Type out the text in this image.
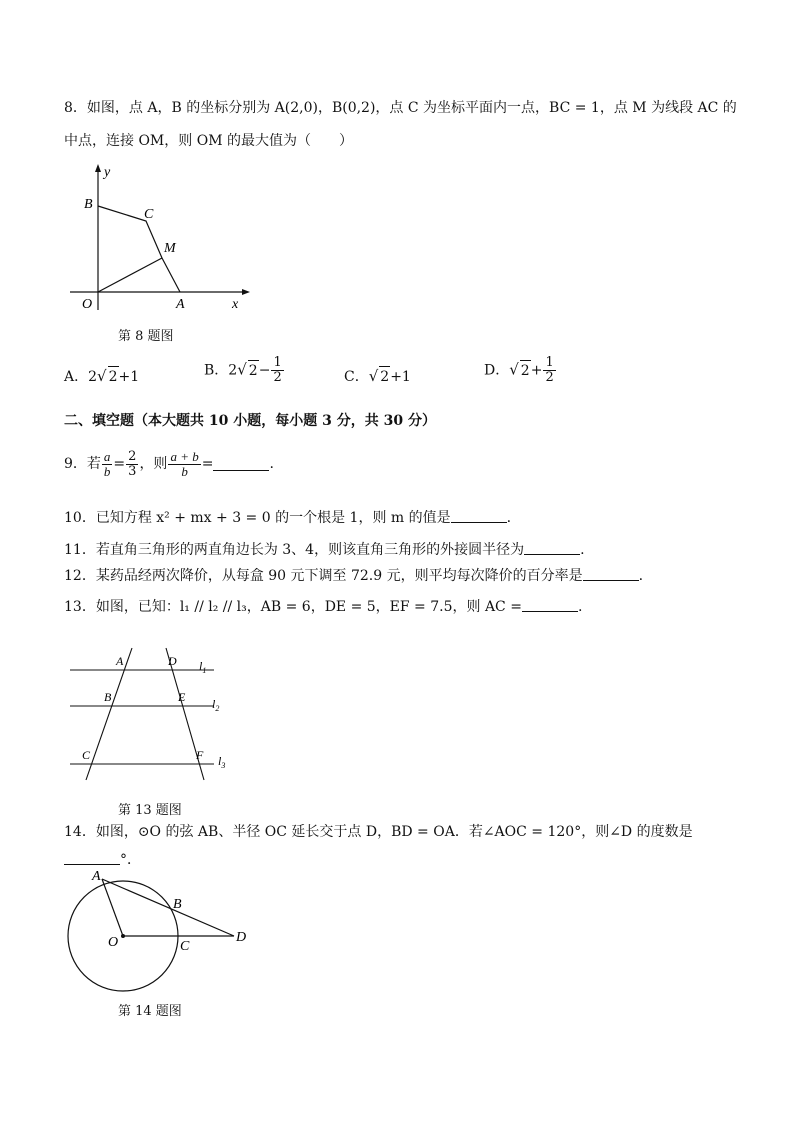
8．如图，点 A，B 的坐标分别为 A(2,0)，B(0,2)，点 C 为坐标平面内一点，BC = 1，点 M 为线段 AC 的
中点，连接 OM，则 OM 的最大值为（　　）
y
B
C
M
O	A	x
第 8 题图
A．2√ 2+1	B．2√ $2- \frac{1}{2}$	C．√ 2+1	D．√ $2+ \frac{1}{2}$
二、填空题（本大题共 10 小题，每小题 3 分，共 30 分）
9．若 $\frac{a}{b} = \frac{2}{3}$ ，则 $\frac{a + b}{b}$ =	.
10．已知方程 x² + mx + 3 = 0 的一个根是 1，则 m 的值是	.
11．若直角三角形的两直角边长为 3、4，则该直角三角形的外接圆半径为	.
12．某药品经两次降价，从每盒 90 元下调至 72.9 元，则平均每次降价的百分率是	.
13．如图，已知：l₁ // l₂ // l₃，AB = 6，DE = 5，EF = 7.5，则 AC =	.
A	D
B	E
C	F
$l_1$
$l_2$
$l_3$
第 13 题图
14．如图，⊙O 的弦 AB、半径 OC 延长交于点 D，BD = OA．若∠AOC = 120°，则∠D 的度数是
°．
A
B
O	C
D
第 14 题图
